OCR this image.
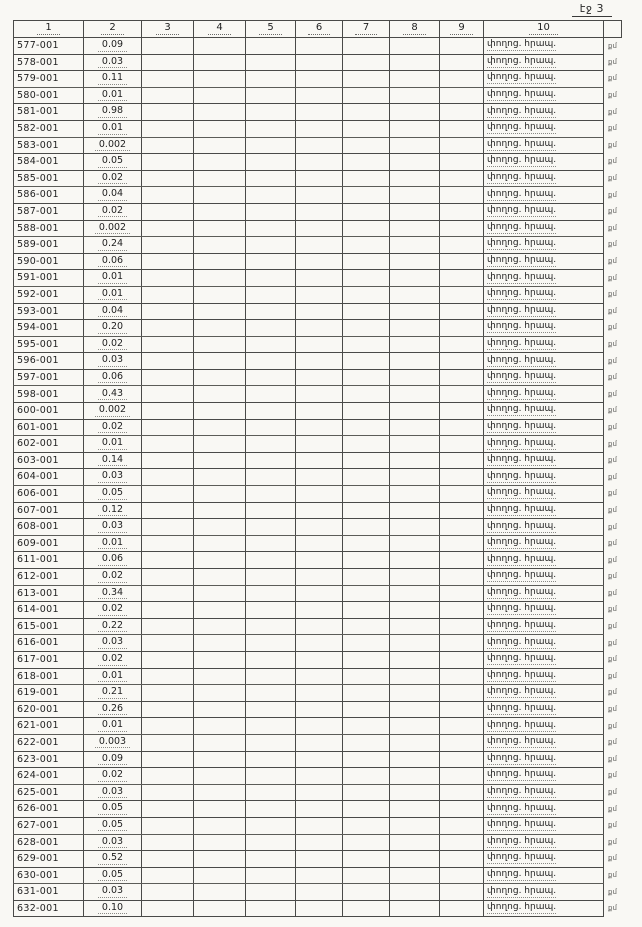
էջ 3
1	2	3	4	5	6	7	8	9	10	
577-001	0.09								փողոց. հրապ.	քմ
578-001	0.03								փողոց. հրապ.	քմ
579-001	0.11								փողոց. հրապ.	քմ
580-001	0.01								փողոց. հրապ.	քմ
581-001	0.98								փողոց. հրապ.	քմ
582-001	0.01								փողոց. հրապ.	քմ
583-001	0.002								փողոց. հրապ.	քմ
584-001	0.05								փողոց. հրապ.	քմ
585-001	0.02								փողոց. հրապ.	քմ
586-001	0.04								փողոց. հրապ.	քմ
587-001	0.02								փողոց. հրապ.	քմ
588-001	0.002								փողոց. հրապ.	քմ
589-001	0.24								փողոց. հրապ.	քմ
590-001	0.06								փողոց. հրապ.	քմ
591-001	0.01								փողոց. հրապ.	քմ
592-001	0.01								փողոց. հրապ.	քմ
593-001	0.04								փողոց. հրապ.	քմ
594-001	0.20								փողոց. հրապ.	քմ
595-001	0.02								փողոց. հրապ.	քմ
596-001	0.03								փողոց. հրապ.	քմ
597-001	0.06								փողոց. հրապ.	քմ
598-001	0.43								փողոց. հրապ.	քմ
600-001	0.002								փողոց. հրապ.	քմ
601-001	0.02								փողոց. հրապ.	քմ
602-001	0.01								փողոց. հրապ.	քմ
603-001	0.14								փողոց. հրապ.	քմ
604-001	0.03								փողոց. հրապ.	քմ
606-001	0.05								փողոց. հրապ.	քմ
607-001	0.12								փողոց. հրապ.	քմ
608-001	0.03								փողոց. հրապ.	քմ
609-001	0.01								փողոց. հրապ.	քմ
611-001	0.06								փողոց. հրապ.	քմ
612-001	0.02								փողոց. հրապ.	քմ
613-001	0.34								փողոց. հրապ.	քմ
614-001	0.02								փողոց. հրապ.	քմ
615-001	0.22								փողոց. հրապ.	քմ
616-001	0.03								փողոց. հրապ.	քմ
617-001	0.02								փողոց. հրապ.	քմ
618-001	0.01								փողոց. հրապ.	քմ
619-001	0.21								փողոց. հրապ.	քմ
620-001	0.26								փողոց. հրապ.	քմ
621-001	0.01								փողոց. հրապ.	քմ
622-001	0.003								փողոց. հրապ.	քմ
623-001	0.09								փողոց. հրապ.	քմ
624-001	0.02								փողոց. հրապ.	քմ
625-001	0.03								փողոց. հրապ.	քմ
626-001	0.05								փողոց. հրապ.	քմ
627-001	0.05								փողոց. հրապ.	քմ
628-001	0.03								փողոց. հրապ.	քմ
629-001	0.52								փողոց. հրապ.	քմ
630-001	0.05								փողոց. հրապ.	քմ
631-001	0.03								փողոց. հրապ.	քմ
632-001	0.10								փողոց. հրապ.	քմ
